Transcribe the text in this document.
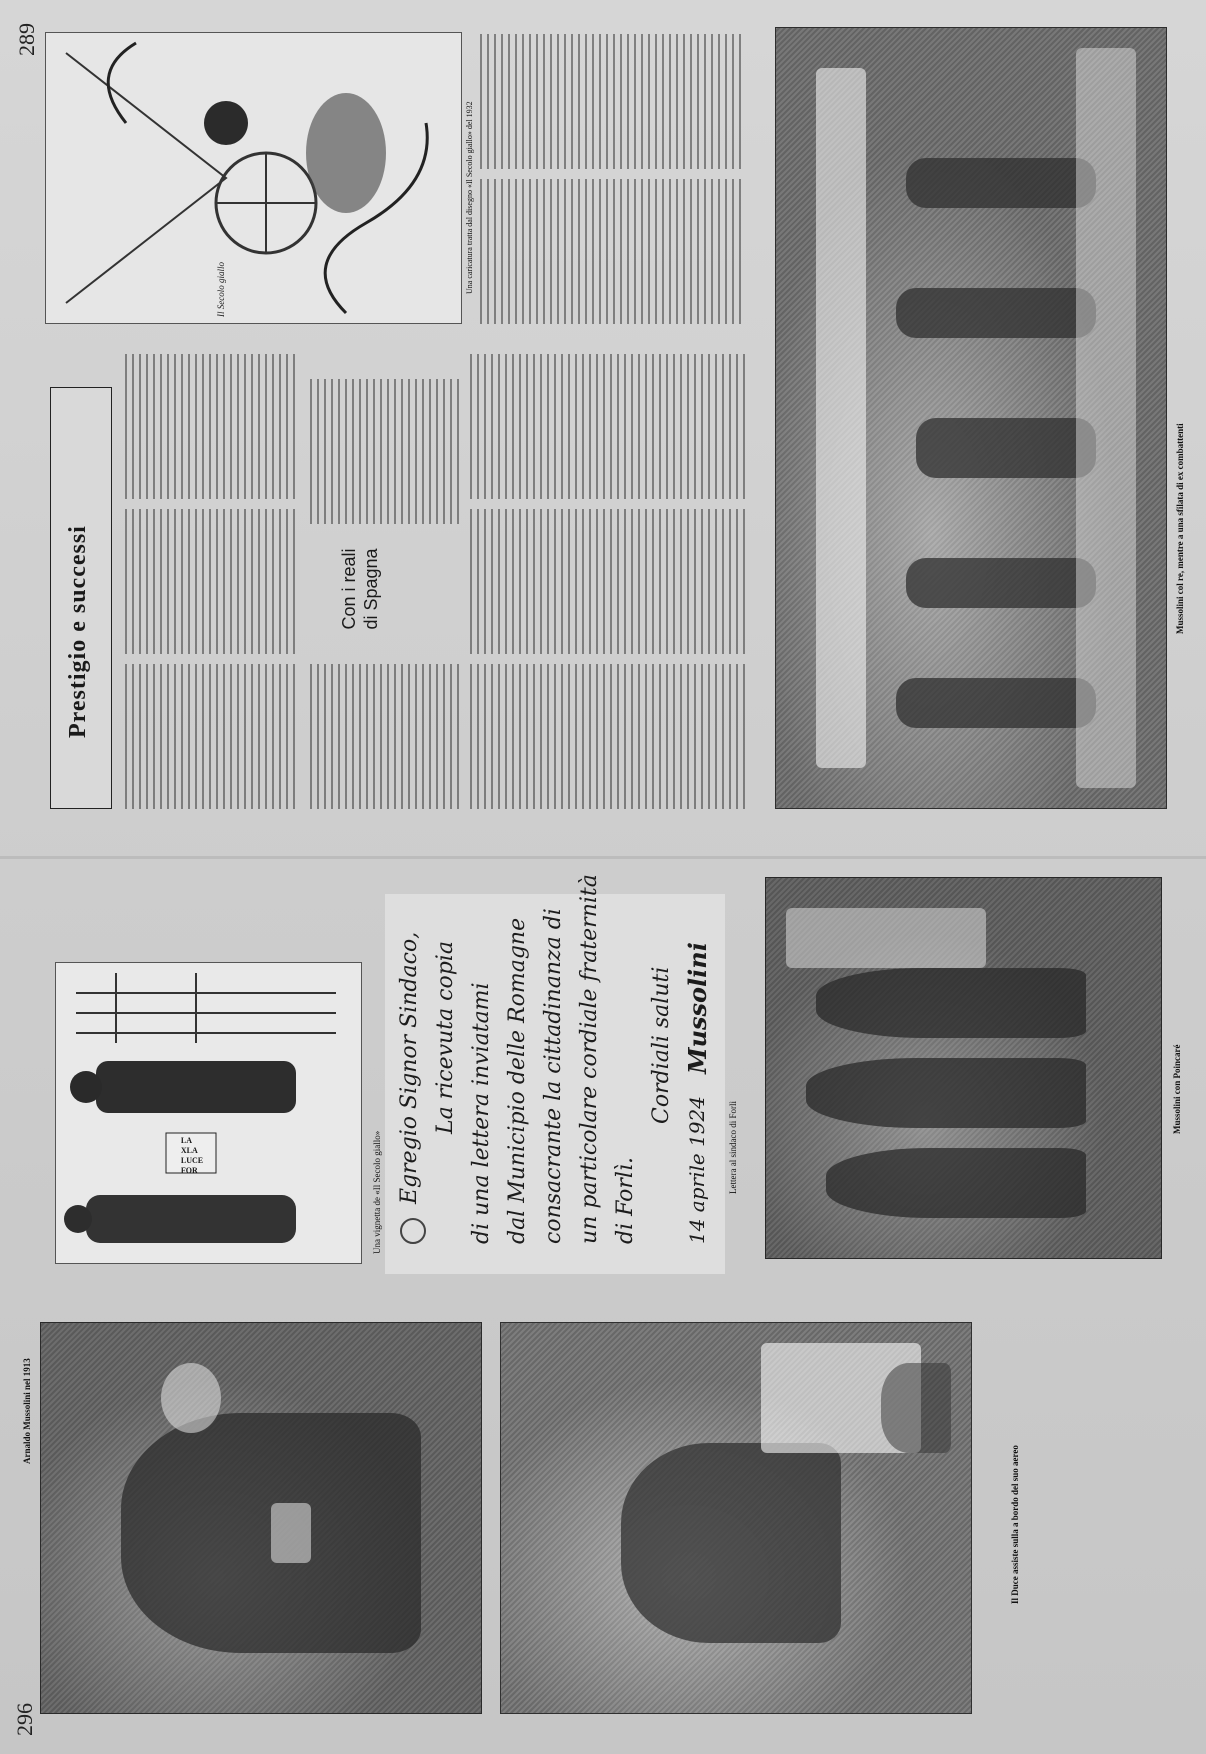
296
289
Arnaldo Mussolini nel 1913
Il Duce assiste sulla a bordo del suo aereo
LA
XLA
LUCE
FOR	Una vignetta de «Il Secolo giallo» Egregio Signor Sindaco, La ricevuta copia di una lettera inviatami dal Municipio delle Romagne consacrante la cittadinanza di un particolare cordiale fraternità di Forlì.
Cordiali saluti
14 aprile 1924
Mussolini
Lettera al sindaco di Forlì
Mussolini con Poincaré
Prestigio e successi	Con i reali di Spagna
Il Secolo giallo	Una caricatura tratta dal disegno «Il Secolo giallo» del 1932
Mussolini col re, mentre a una sfilata di ex combattenti
